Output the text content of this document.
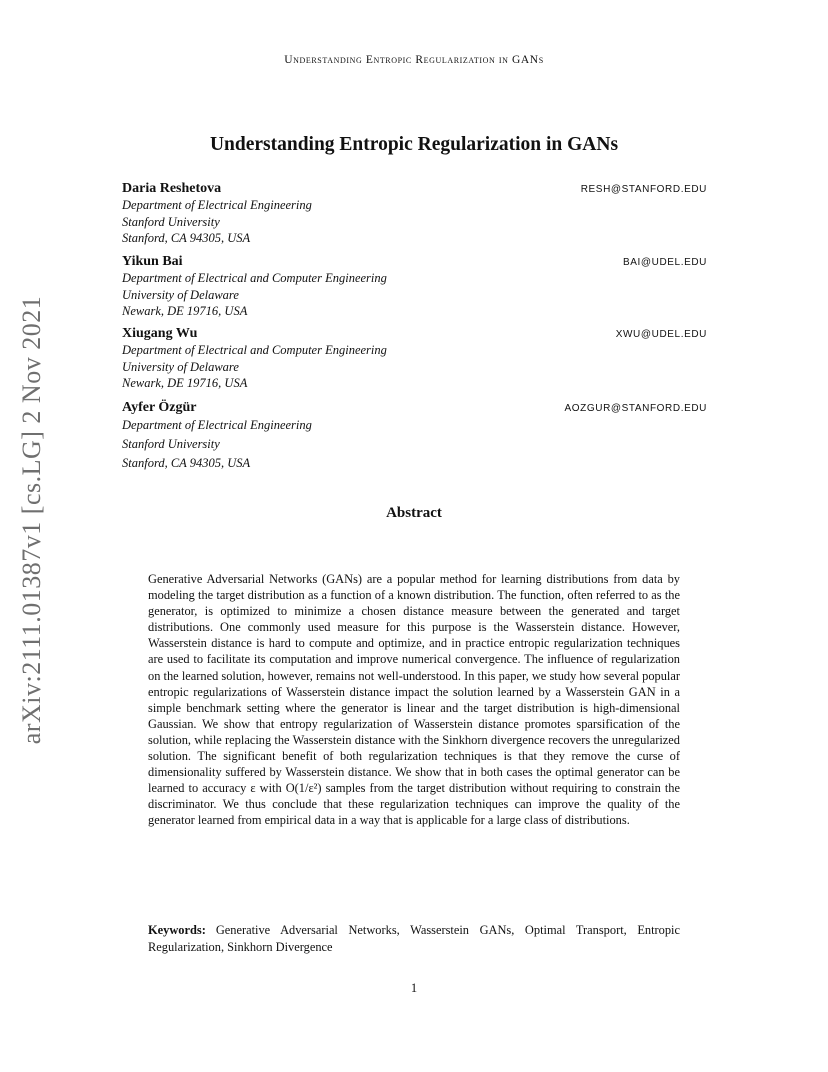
Understanding Entropic Regularization in GANs
Understanding Entropic Regularization in GANs
arXiv:2111.01387v1 [cs.LG] 2 Nov 2021
Daria Reshetova	RESH@STANFORD.EDU
Department of Electrical Engineering
Stanford University
Stanford, CA 94305, USA
Yikun Bai	BAI@UDEL.EDU
Department of Electrical and Computer Engineering
University of Delaware
Newark, DE 19716, USA
Xiugang Wu	XWU@UDEL.EDU
Department of Electrical and Computer Engineering
University of Delaware
Newark, DE 19716, USA
Ayfer Özgür	AOZGUR@STANFORD.EDU
Department of Electrical Engineering
Stanford University
Stanford, CA 94305, USA
Abstract
Generative Adversarial Networks (GANs) are a popular method for learning distributions from data by modeling the target distribution as a function of a known distribution. The function, often referred to as the generator, is optimized to minimize a chosen distance measure between the generated and target distributions. One commonly used measure for this purpose is the Wasserstein distance. However, Wasserstein distance is hard to compute and optimize, and in practice entropic regularization techniques are used to facilitate its computation and improve numerical convergence. The influence of regularization on the learned solution, however, remains not well-understood. In this paper, we study how several popular entropic regularizations of Wasserstein distance impact the solution learned by a Wasserstein GAN in a simple benchmark setting where the generator is linear and the target distribution is high-dimensional Gaussian. We show that entropy regularization of Wasserstein distance promotes sparsification of the solution, while replacing the Wasserstein distance with the Sinkhorn divergence recovers the unregularized solution. The significant benefit of both regularization techniques is that they remove the curse of dimensionality suffered by Wasserstein distance. We show that in both cases the optimal generator can be learned to accuracy ε with O(1/ε²) samples from the target distribution without requiring to constrain the discriminator. We thus conclude that these regularization techniques can improve the quality of the generator learned from empirical data in a way that is applicable for a large class of distributions.
Keywords: Generative Adversarial Networks, Wasserstein GANs, Optimal Transport, Entropic Regularization, Sinkhorn Divergence
1
